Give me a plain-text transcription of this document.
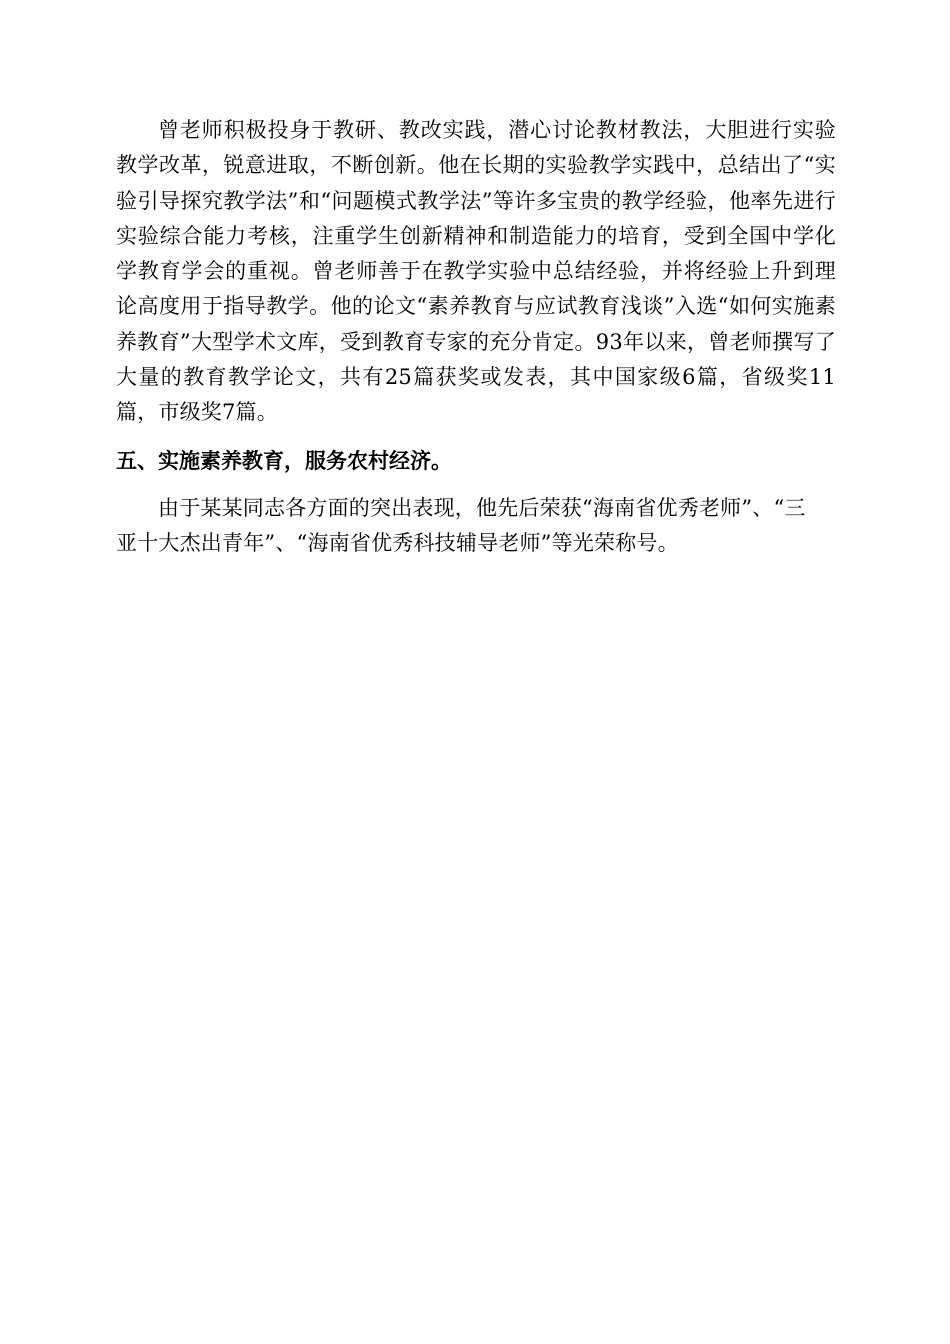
曾老师积极投身于教研、教改实践，潜心讨论教材教法，大胆进行实验教学改革，锐意进取，不断创新。他在长期的实验教学实践中，总结出了“实验引导探究教学法”和“问题模式教学法”等许多宝贵的教学经验，他率先进行实验综合能力考核，注重学生创新精神和制造能力的培育，受到全国中学化学教育学会的重视。曾老师善于在教学实验中总结经验，并将经验上升到理论高度用于指导教学。他的论文“素养教育与应试教育浅谈”入选“如何实施素养教育”大型学术文库，受到教育专家的充分肯定。93年以来，曾老师撰写了大量的教育教学论文，共有25篇获奖或发表，其中国家级6篇，省级奖11篇，市级奖7篇。

五、实施素养教育，服务农村经济。

由于某某同志各方面的突出表现，他先后荣获“海南省优秀老师”、“三亚十大杰出青年”、“海南省优秀科技辅导老师”等光荣称号。
